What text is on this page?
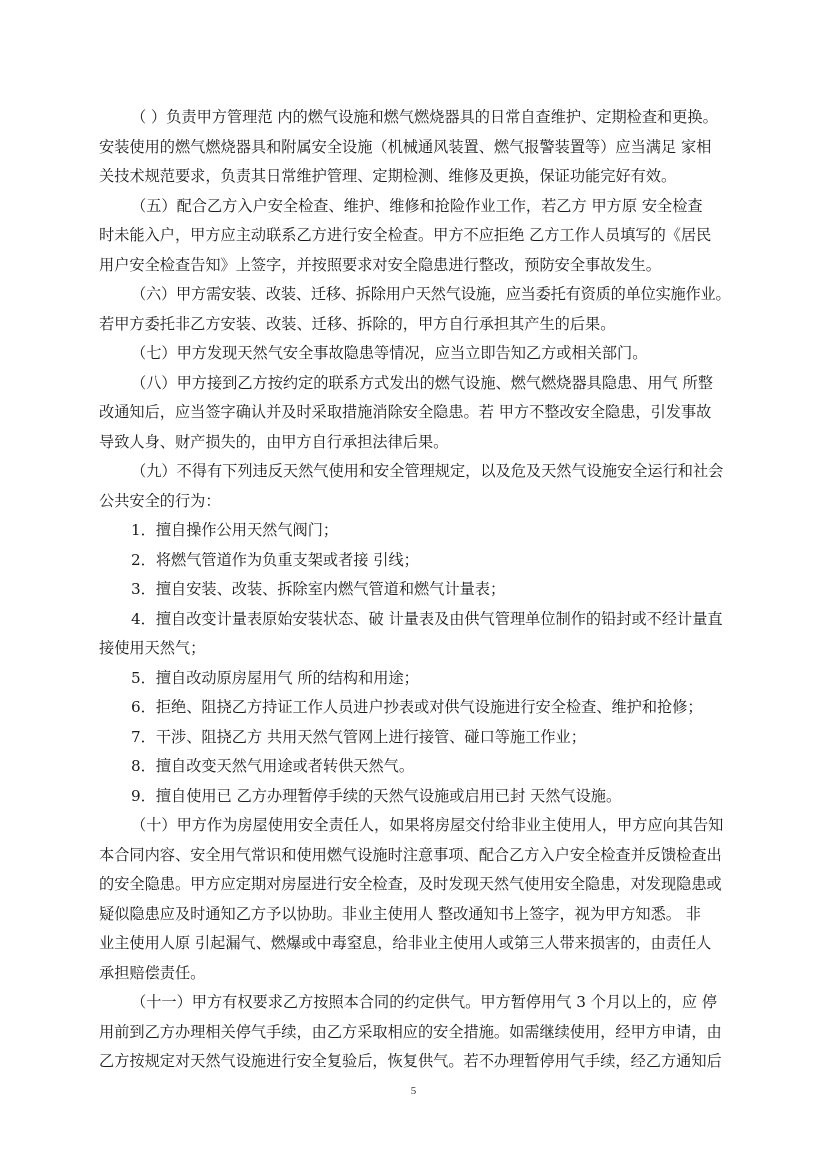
（ ）负责甲方管理范 内的燃气设施和燃气燃烧器具的日常自查维护、定期检查和更换。
安装使用的燃气燃烧器具和附属安全设施（机械通风装置、燃气报警装置等）应当满足 家相
关技术规范要求，负责其日常维护管理、定期检测、维修及更换，保证功能完好有效。

（五）配合乙方入户安全检查、维护、维修和抢险作业工作，若乙方 甲方原 安全检查
时未能入户，甲方应主动联系乙方进行安全检查。甲方不应拒绝 乙方工作人员填写的《居民
用户安全检查告知》上签字，并按照要求对安全隐患进行整改，预防安全事故发生。

（六）甲方需安装、改装、迁移、拆除用户天然气设施，应当委托有资质的单位实施作业。
若甲方委托非乙方安装、改装、迁移、拆除的，甲方自行承担其产生的后果。

（七）甲方发现天然气安全事故隐患等情况，应当立即告知乙方或相关部门。

（八）甲方接到乙方按约定的联系方式发出的燃气设施、燃气燃烧器具隐患、用气 所整
改通知后，应当签字确认并及时采取措施消除安全隐患。若 甲方不整改安全隐患，引发事故
导致人身、财产损失的，由甲方自行承担法律后果。

（九）不得有下列违反天然气使用和安全管理规定，以及危及天然气设施安全运行和社会
公共安全的行为：

1．擅自操作公用天然气阀门；

2．将燃气管道作为负重支架或者接 引线；

3．擅自安装、改装、拆除室内燃气管道和燃气计量表；

4．擅自改变计量表原始安装状态、破 计量表及由供气管理单位制作的铅封或不经计量直
接使用天然气；

5．擅自改动原房屋用气 所的结构和用途；

6．拒绝、阻挠乙方持证工作人员进户抄表或对供气设施进行安全检查、维护和抢修；

7．干涉、阻挠乙方 共用天然气管网上进行接管、碰口等施工作业；

8．擅自改变天然气用途或者转供天然气。

9．擅自使用已 乙方办理暂停手续的天然气设施或启用已封 天然气设施。

（十）甲方作为房屋使用安全责任人，如果将房屋交付给非业主使用人，甲方应向其告知
本合同内容、安全用气常识和使用燃气设施时注意事项、配合乙方入户安全检查并反馈检查出
的安全隐患。甲方应定期对房屋进行安全检查，及时发现天然气使用安全隐患，对发现隐患或
疑似隐患应及时通知乙方予以协助。非业主使用人 整改通知书上签字，视为甲方知悉。 非
业主使用人原 引起漏气、燃爆或中毒窒息，给非业主使用人或第三人带来损害的，由责任人
承担赔偿责任。

（十一）甲方有权要求乙方按照本合同的约定供气。甲方暂停用气 3 个月以上的，应 停
用前到乙方办理相关停气手续，由乙方采取相应的安全措施。如需继续使用，经甲方申请，由
乙方按规定对天然气设施进行安全复验后，恢复供气。若不办理暂停用气手续，经乙方通知后

5
